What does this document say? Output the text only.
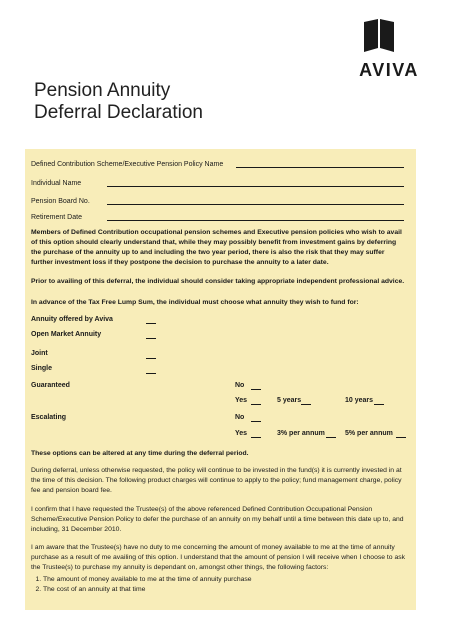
AVIVA
Pension Annuity
Deferral Declaration
Defined Contribution Scheme/Executive Pension Policy Name
Individual Name
Pension Board No.
Retirement Date
Members of Defined Contribution occupational pension schemes and Executive pension policies who wish to avail of this option should clearly understand that, while they may possibly benefit from investment gains by deferring the purchase of the annuity up to and including the two year period, there is also the risk that they may suffer further investment loss if they postpone the decision to purchase the annuity to a later date.
Prior to availing of this deferral, the individual should consider taking appropriate independent professional advice.
In advance of the Tax Free Lump Sum, the individual must choose what annuity they wish to fund for:
Annuity offered by Aviva
Open Market Annuity
Joint
Single
Guaranteed	No
Yes	5 years	10 years
Escalating	No
Yes	3% per annum	5% per annum
These options can be altered at any time during the deferral period.
During deferral, unless otherwise requested, the policy will continue to be invested in the fund(s) it is currently invested in at the time of this decision. The following product charges will continue to apply to the policy; fund management charge, policy fee and pension board fee.
I confirm that I have requested the Trustee(s) of the above referenced Defined Contribution Occupational Pension Scheme/Executive Pension Policy to defer the purchase of an annuity on my behalf until a time between this date up to, and including, 31 December 2010.
I am aware that the Trustee(s) have no duty to me concerning the amount of money available to me at the time of annuity purchase as a result of me availing of this option. I understand that the amount of pension I will receive when I choose to ask the Trustee(s) to purchase my annuity is dependant on, amongst other things, the following factors:
1. The amount of money available to me at the time of annuity purchase
2. The cost of an annuity at that time
